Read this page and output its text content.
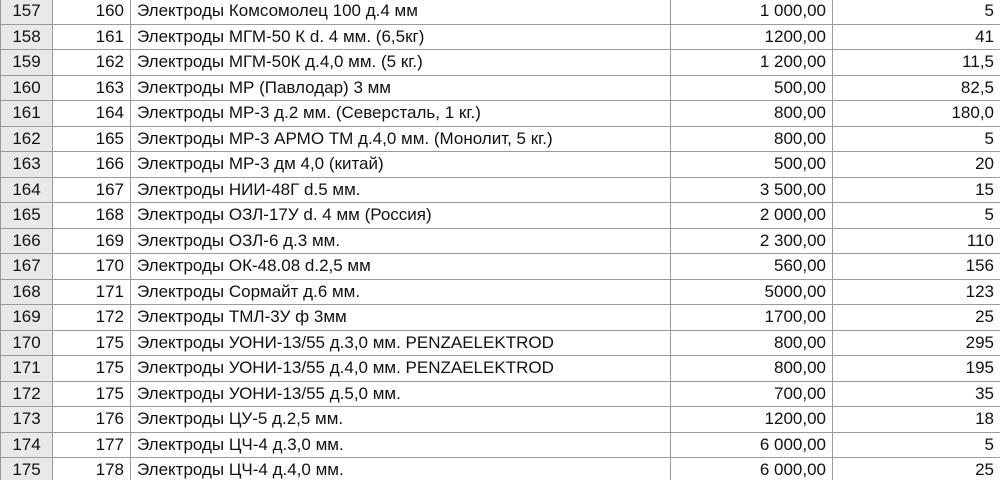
157	160	Электроды Комсомолец 100 д.4 мм	1 000,00	5
158	161	Электроды МГМ-50 К d. 4 мм. (6,5кг)	1200,00	41
159	162	Электроды МГМ-50К д.4,0 мм. (5 кг.)	1 200,00	11,5
160	163	Электроды МР (Павлодар) 3 мм	500,00	82,5
161	164	Электроды МР-3 д.2 мм. (Северсталь, 1 кг.)	800,00	180,0
162	165	Электроды МР-3 АРМО ТМ д.4,0 мм. (Монолит, 5 кг.)	800,00	5
163	166	Электроды МР-3 дм 4,0 (китай)	500,00	20
164	167	Электроды НИИ-48Г d.5 мм.	3 500,00	15
165	168	Электроды ОЗЛ-17У d. 4 мм (Россия)	2 000,00	5
166	169	Электроды ОЗЛ-6 д.3 мм.	2 300,00	110
167	170	Электроды ОК-48.08 d.2,5 мм	560,00	156
168	171	Электроды Сормайт д.6 мм.	5000,00	123
169	172	Электроды ТМЛ-3У ф 3мм	1700,00	25
170	175	Электроды УОНИ-13/55 д.3,0 мм. PENZAELEKTROD	800,00	295
171	175	Электроды УОНИ-13/55 д.4,0 мм. PENZAELEKTROD	800,00	195
172	175	Электроды УОНИ-13/55 д.5,0 мм.	700,00	35
173	176	Электроды ЦУ-5 д.2,5 мм.	1200,00	18
174	177	Электроды ЦЧ-4 д.3,0 мм.	6 000,00	5
175	178	Электроды ЦЧ-4 д.4,0 мм.	6 000,00	25
